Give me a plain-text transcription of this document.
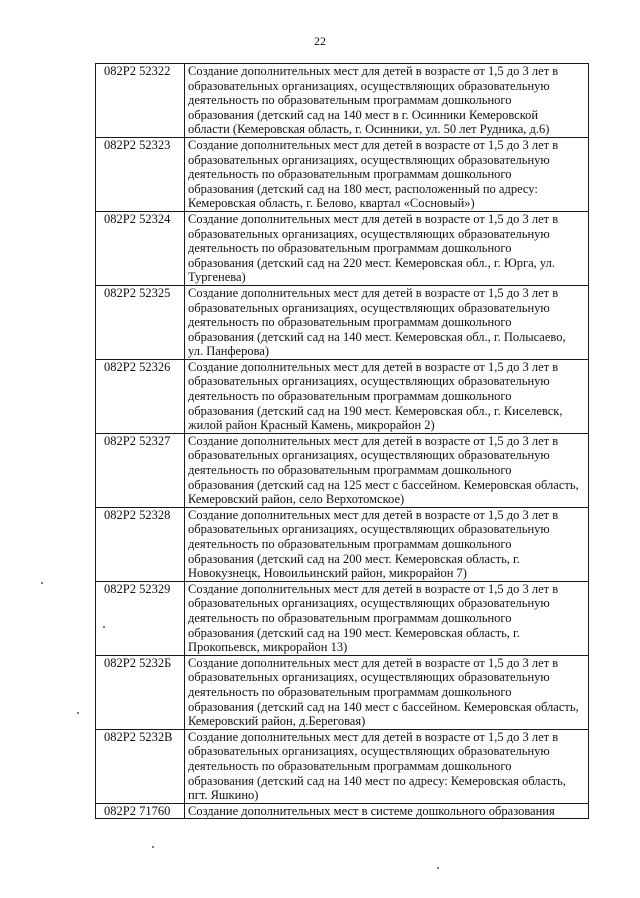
22
082P2 52322	Создание дополнительных мест для детей в возрасте от 1,5 до 3 лет в
образовательных организациях, осуществляющих образовательную
деятельность по образовательным программам дошкольного
образования (детский сад на 140 мест в г. Осинники Кемеровской
области (Кемеровская область, г. Осинники, ул. 50 лет Рудника, д.6)

082P2 52323	Создание дополнительных мест для детей в возрасте от 1,5 до 3 лет в
образовательных организациях, осуществляющих образовательную
деятельность по образовательным программам дошкольного
образования (детский сад на 180 мест, расположенный по адресу:
Кемеровская область, г. Белово, квартал «Сосновый»)

082P2 52324	Создание дополнительных мест для детей в возрасте от 1,5 до 3 лет в
образовательных организациях, осуществляющих образовательную
деятельность по образовательным программам дошкольного
образования (детский сад на 220 мест. Кемеровская обл., г. Юрга, ул.
Тургенева)

082P2 52325	Создание дополнительных мест для детей в возрасте от 1,5 до 3 лет в
образовательных организациях, осуществляющих образовательную
деятельность по образовательным программам дошкольного
образования (детский сад на 140 мест. Кемеровская обл., г. Полысаево,
ул. Панферова)

082P2 52326	Создание дополнительных мест для детей в возрасте от 1,5 до 3 лет в
образовательных организациях, осуществляющих образовательную
деятельность по образовательным программам дошкольного
образования (детский сад на 190 мест. Кемеровская обл., г. Киселевск,
жилой район Красный Камень, микрорайон 2)

082P2 52327	Создание дополнительных мест для детей в возрасте от 1,5 до 3 лет в
образовательных организациях, осуществляющих образовательную
деятельность по образовательным программам дошкольного
образования (детский сад на 125 мест с бассейном. Кемеровская область,
Кемеровский район, село Верхотомское)

082P2 52328	Создание дополнительных мест для детей в возрасте от 1,5 до 3 лет в
образовательных организациях, осуществляющих образовательную
деятельность по образовательным программам дошкольного
образования (детский сад на 200 мест. Кемеровская область, г.
Новокузнецк, Новоильинский район, микрорайон 7)

082P2 52329	Создание дополнительных мест для детей в возрасте от 1,5 до 3 лет в
образовательных организациях, осуществляющих образовательную
деятельность по образовательным программам дошкольного
образования (детский сад на 190 мест. Кемеровская область, г.
Прокопьевск, микрорайон 13)

082P2 5232Б	Создание дополнительных мест для детей в возрасте от 1,5 до 3 лет в
образовательных организациях, осуществляющих образовательную
деятельность по образовательным программам дошкольного
образования (детский сад на 140 мест с бассейном. Кемеровская область,
Кемеровский район, д.Береговая)

082P2 5232В	Создание дополнительных мест для детей в возрасте от 1,5 до 3 лет в
образовательных организациях, осуществляющих образовательную
деятельность по образовательным программам дошкольного
образования (детский сад на 140 мест по адресу: Кемеровская область,
пгт. Яшкино)

082P2 71760	Создание дополнительных мест в системе дошкольного образования
